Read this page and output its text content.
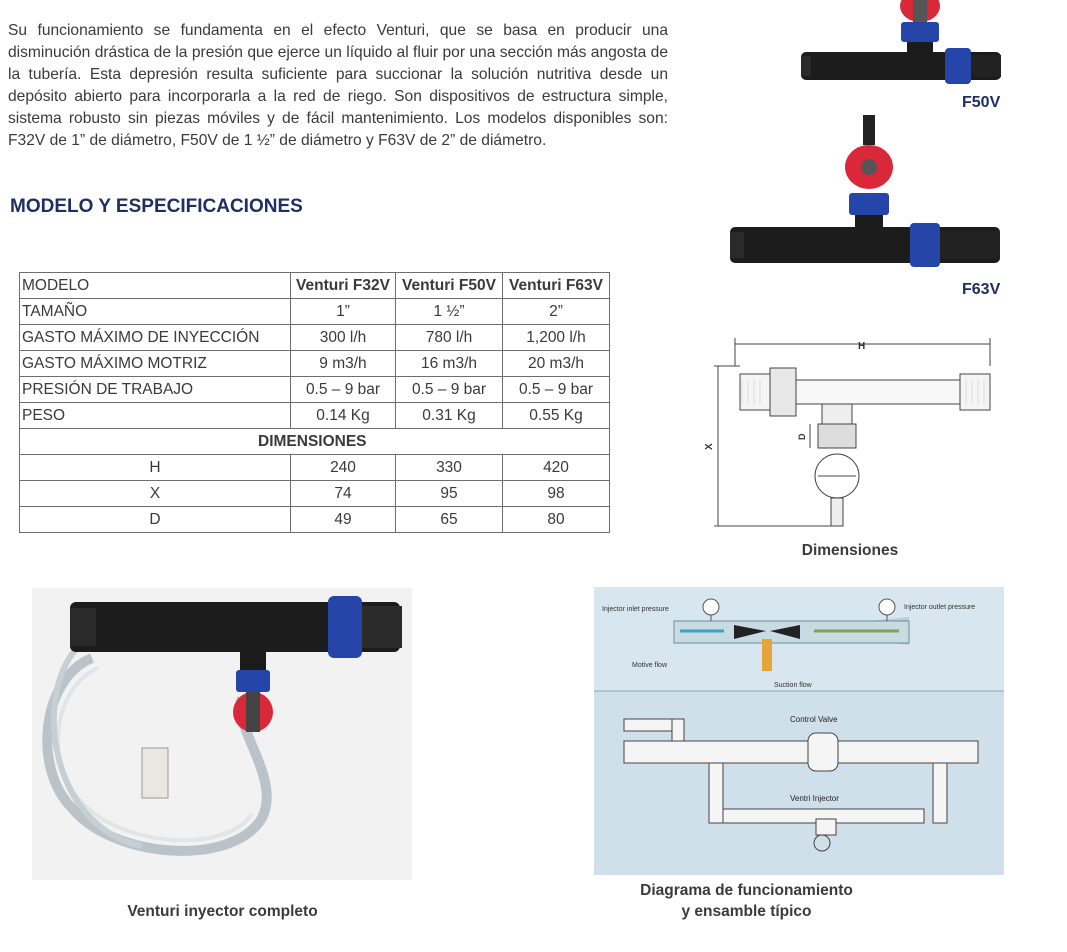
Su funcionamiento se fundamenta en el efecto Venturi, que se basa en producir una disminución drástica de la presión que ejerce un líquido al fluir por una sección más angosta de la tubería. Esta depresión resulta suficiente para succionar la solución nutritiva desde un depósito abierto para incorporarla a la red de riego. Son dispositivos de estructura simple, sistema robusto sin piezas móviles y de fácil mantenimiento. Los modelos disponibles son: F32V de 1” de diámetro, F50V de 1 ½” de diámetro y F63V de 2” de diámetro.

MODELO Y ESPECIFICACIONES
F50V
F63V
MODELO	Venturi F32V	Venturi F50V	Venturi F63V
TAMAÑO	1”	1 ½”	2”
GASTO MÁXIMO DE INYECCIÓN	300 l/h	780 l/h	1,200 l/h
GASTO MÁXIMO MOTRIZ	9 m3/h	16 m3/h	20 m3/h
PRESIÓN DE TRABAJO	0.5 – 9 bar	0.5 – 9 bar	0.5 – 9 bar
PESO	0.14 Kg	0.31 Kg	0.55 Kg
DIMENSIONES			
H	240	330	420
X	74	95	98
D	49	65	80
H
X
D
Dimensiones
Venturi inyector completo
Injector inlet pressure	Injector outlet pressure
Motive flow
Suction flow
Control Valve
Ventri Injector
Diagrama de funcionamiento
y ensamble típico
